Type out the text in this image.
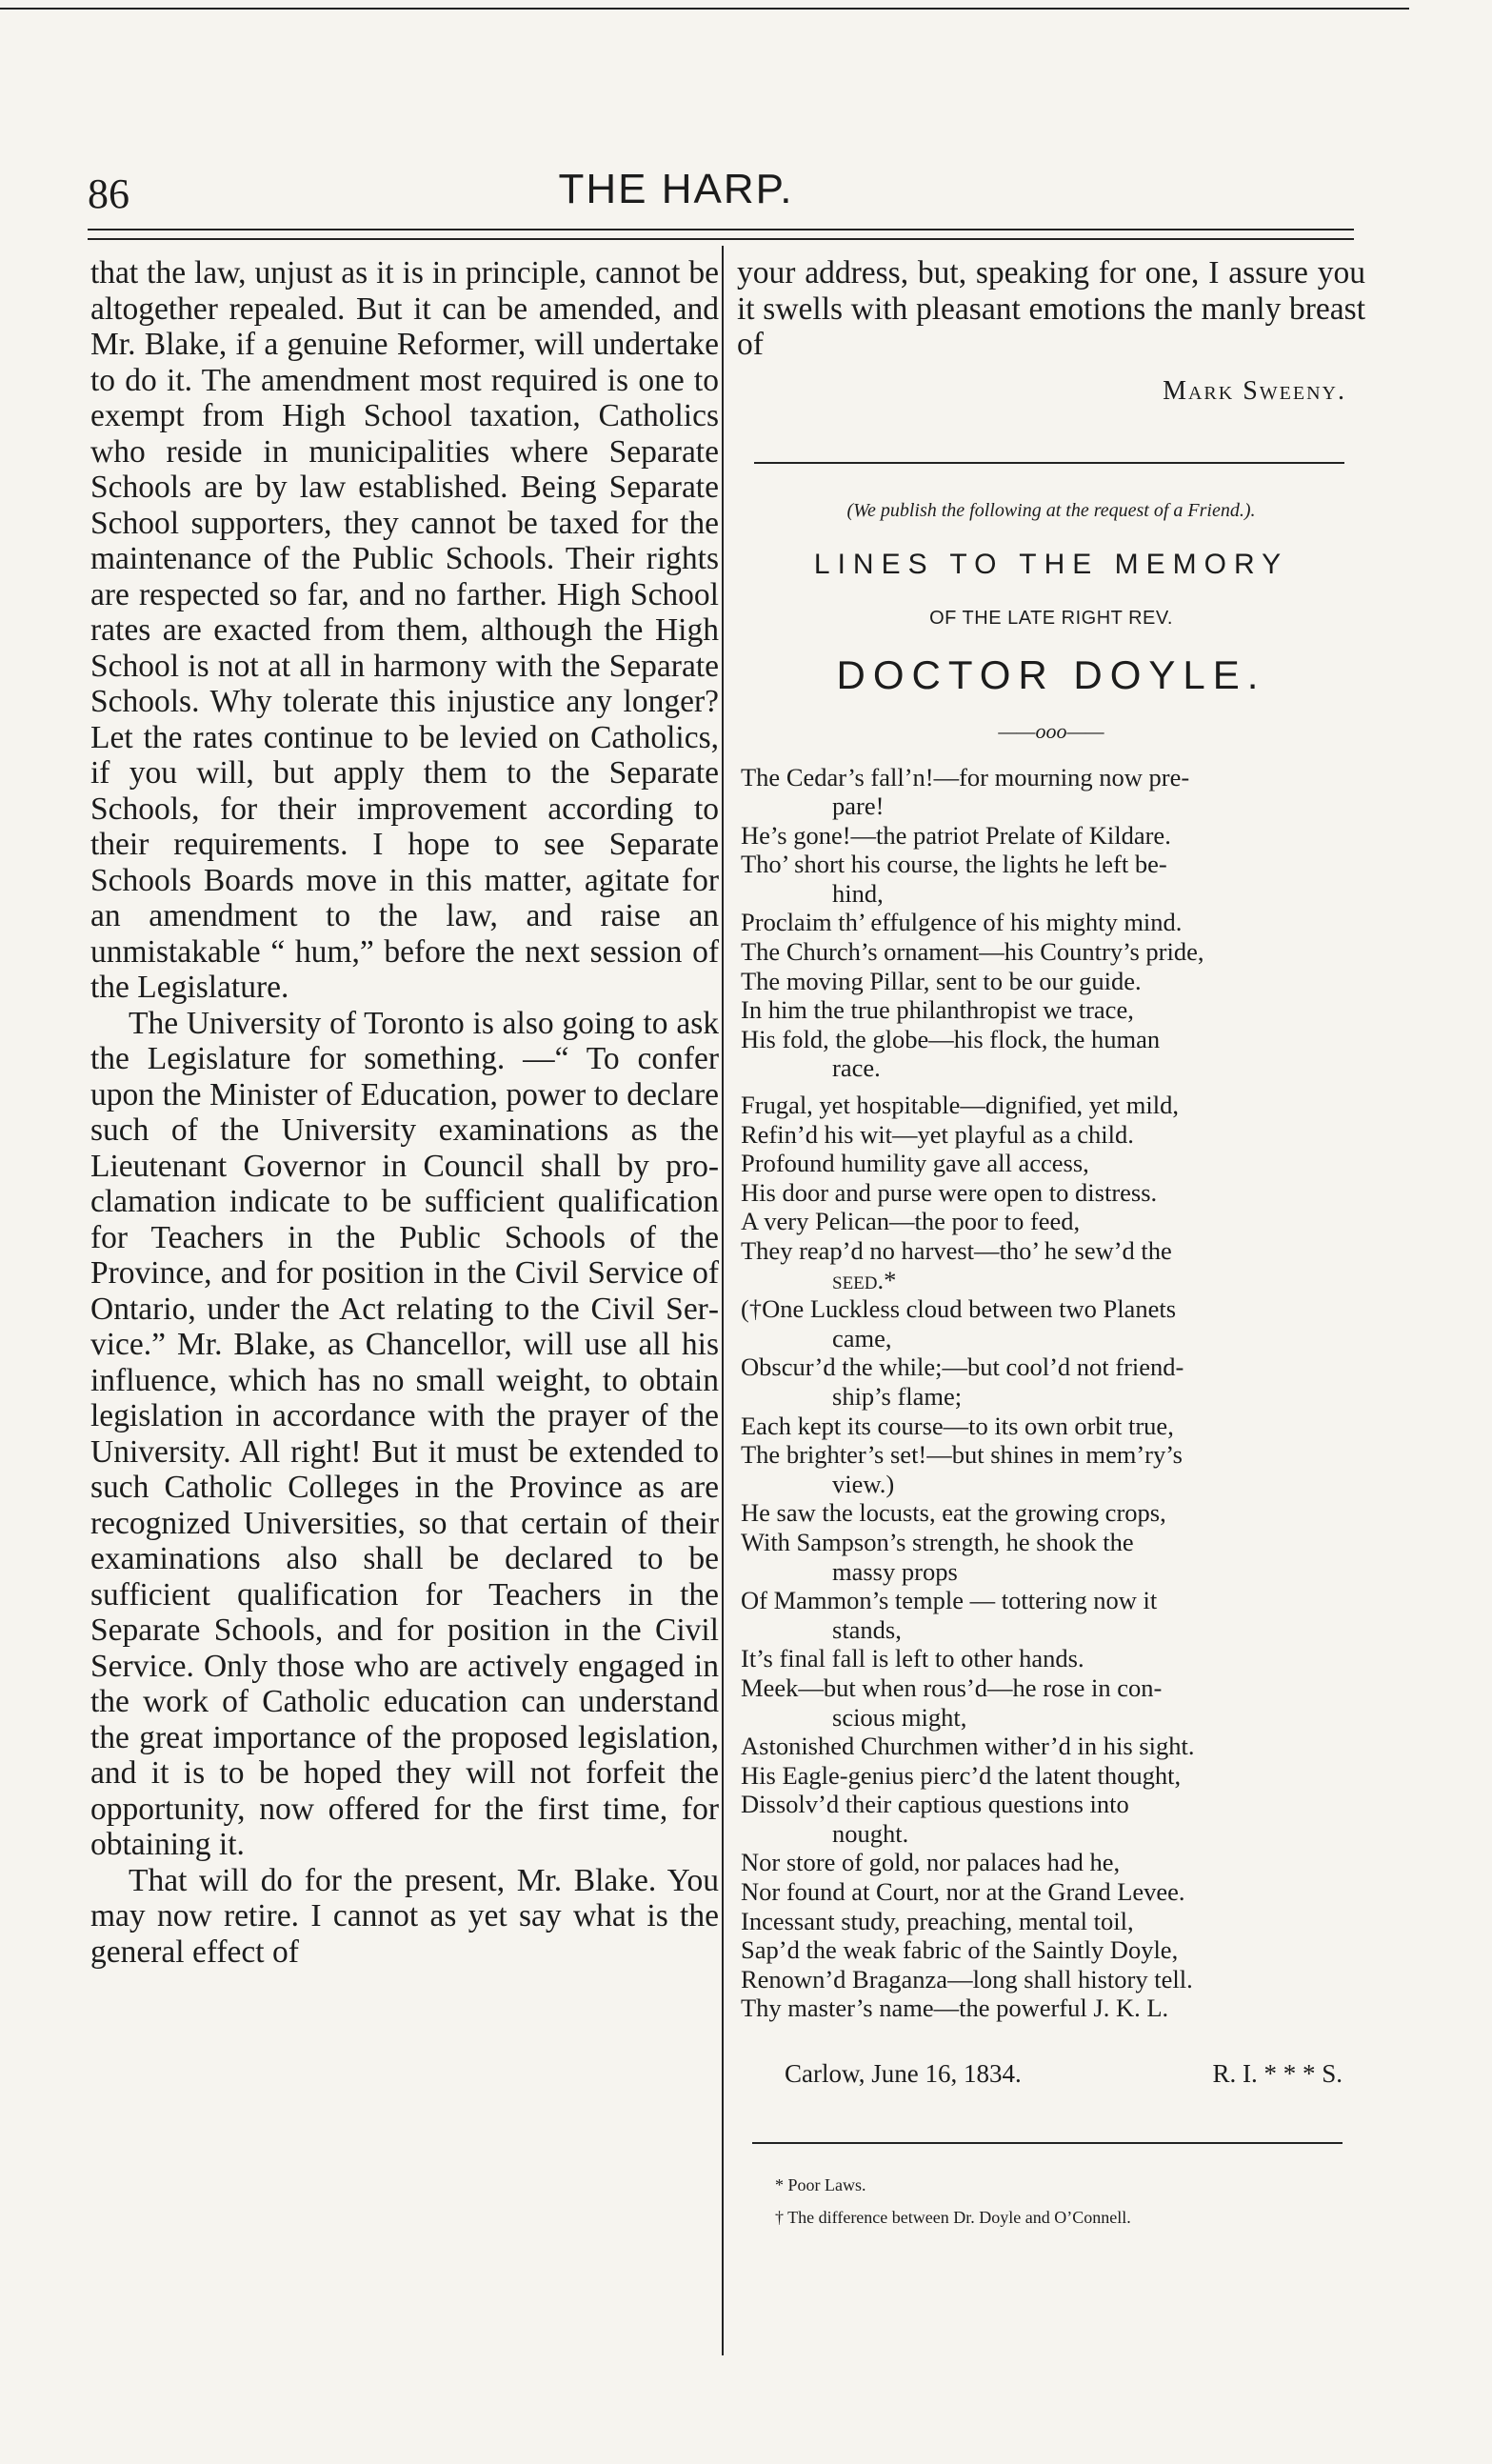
86	THE HARP.

that the law, unjust as it is in principle, cannot be altogether repealed. But it can be amended, and Mr. Blake, if a genuine Reformer, will undertake to do it. The amendment most required is one to exempt from High School taxation, Catholics who reside in municipalities where Separate Schools are by law established. Being Separate School supporters, they cannot be taxed for the maintenance of the Public Schools. Their rights are respected so far, and no farther. High School rates are exacted from them, although the High School is not at all in harmony with the Separate Schools. Why tolerate this injustice any longer? Let the rates continue to be levied on Catholics, if you will, but apply them to the Separate Schools, for their improvement according to their requirements. I hope to see Separate Schools Boards move in this matter, agitate for an amendment to the law, and raise an unmistakable “ hum,” before the next session of the Legislature.

The University of Toronto is also going to ask the Legislature for something. —“ To confer upon the Minister of Education, power to declare such of the University examinations as the Lieutenant Governor in Council shall by proclamation indicate to be sufficient qualification for Teachers in the Public Schools of the Province, and for position in the Civil Service of Ontario, under the Act relating to the Civil Service.” Mr. Blake, as Chancellor, will use all his influence, which has no small weight, to obtain legislation in accordance with the prayer of the University. All right! But it must be extended to such Catholic Colleges in the Province as are recognized Universities, so that certain of their examinations also shall be declared to be sufficient qualification for Teachers in the Separate Schools, and for position in the Civil Service. Only those who are actively engaged in the work of Catholic education can understand the great importance of the proposed legislation, and it is to be hoped they will not forfeit the opportunity, now offered for the first time, for obtaining it.

That will do for the present, Mr. Blake. You may now retire. I cannot as yet say what is the general effect of

your address, but, speaking for one, I assure you it swells with pleasant emotions the manly breast of

Mark Sweeny.

(We publish the following at the request of a Friend.).

LINES TO THE MEMORY

OF THE LATE RIGHT REV.

DOCTOR DOYLE.

——ooo——

The Cedar’s fall’n!—for mourning now pre-
pare!
He’s gone!—the patriot Prelate of Kildare.
Tho’ short his course, the lights he left be-
hind,
Proclaim th’ effulgence of his mighty mind.
The Church’s ornament—his Country’s pride,
The moving Pillar, sent to be our guide.
In him the true philanthropist we trace,
His fold, the globe—his flock, the human
race.
Frugal, yet hospitable—dignified, yet mild,
Refin’d his wit—yet playful as a child.
Profound humility gave all access,
His door and purse were open to distress.
A very Pelican—the poor to feed,
They reap’d no harvest—tho’ he sew’d the
seed.*
(†One Luckless cloud between two Planets
came,
Obscur’d the while;—but cool’d not friend-
ship’s flame;
Each kept its course—to its own orbit true,
The brighter’s set!—but shines in mem’ry’s
view.)
He saw the locusts, eat the growing crops,
With Sampson’s strength, he shook the
massy props
Of Mammon’s temple — tottering now it
stands,
It’s final fall is left to other hands.
Meek—but when rous’d—he rose in con-
scious might,
Astonished Churchmen wither’d in his sight.
His Eagle-genius pierc’d the latent thought,
Dissolv’d their captious questions into
nought.
Nor store of gold, nor palaces had he,
Nor found at Court, nor at the Grand Levee.
Incessant study, preaching, mental toil,
Sap’d the weak fabric of the Saintly Doyle,
Renown’d Braganza—long shall history tell.
Thy master’s name—the powerful J. K. L.
Carlow, June 16, 1834.	R. I. * * * S.
* Poor Laws.
† The difference between Dr. Doyle and O’Connell.
